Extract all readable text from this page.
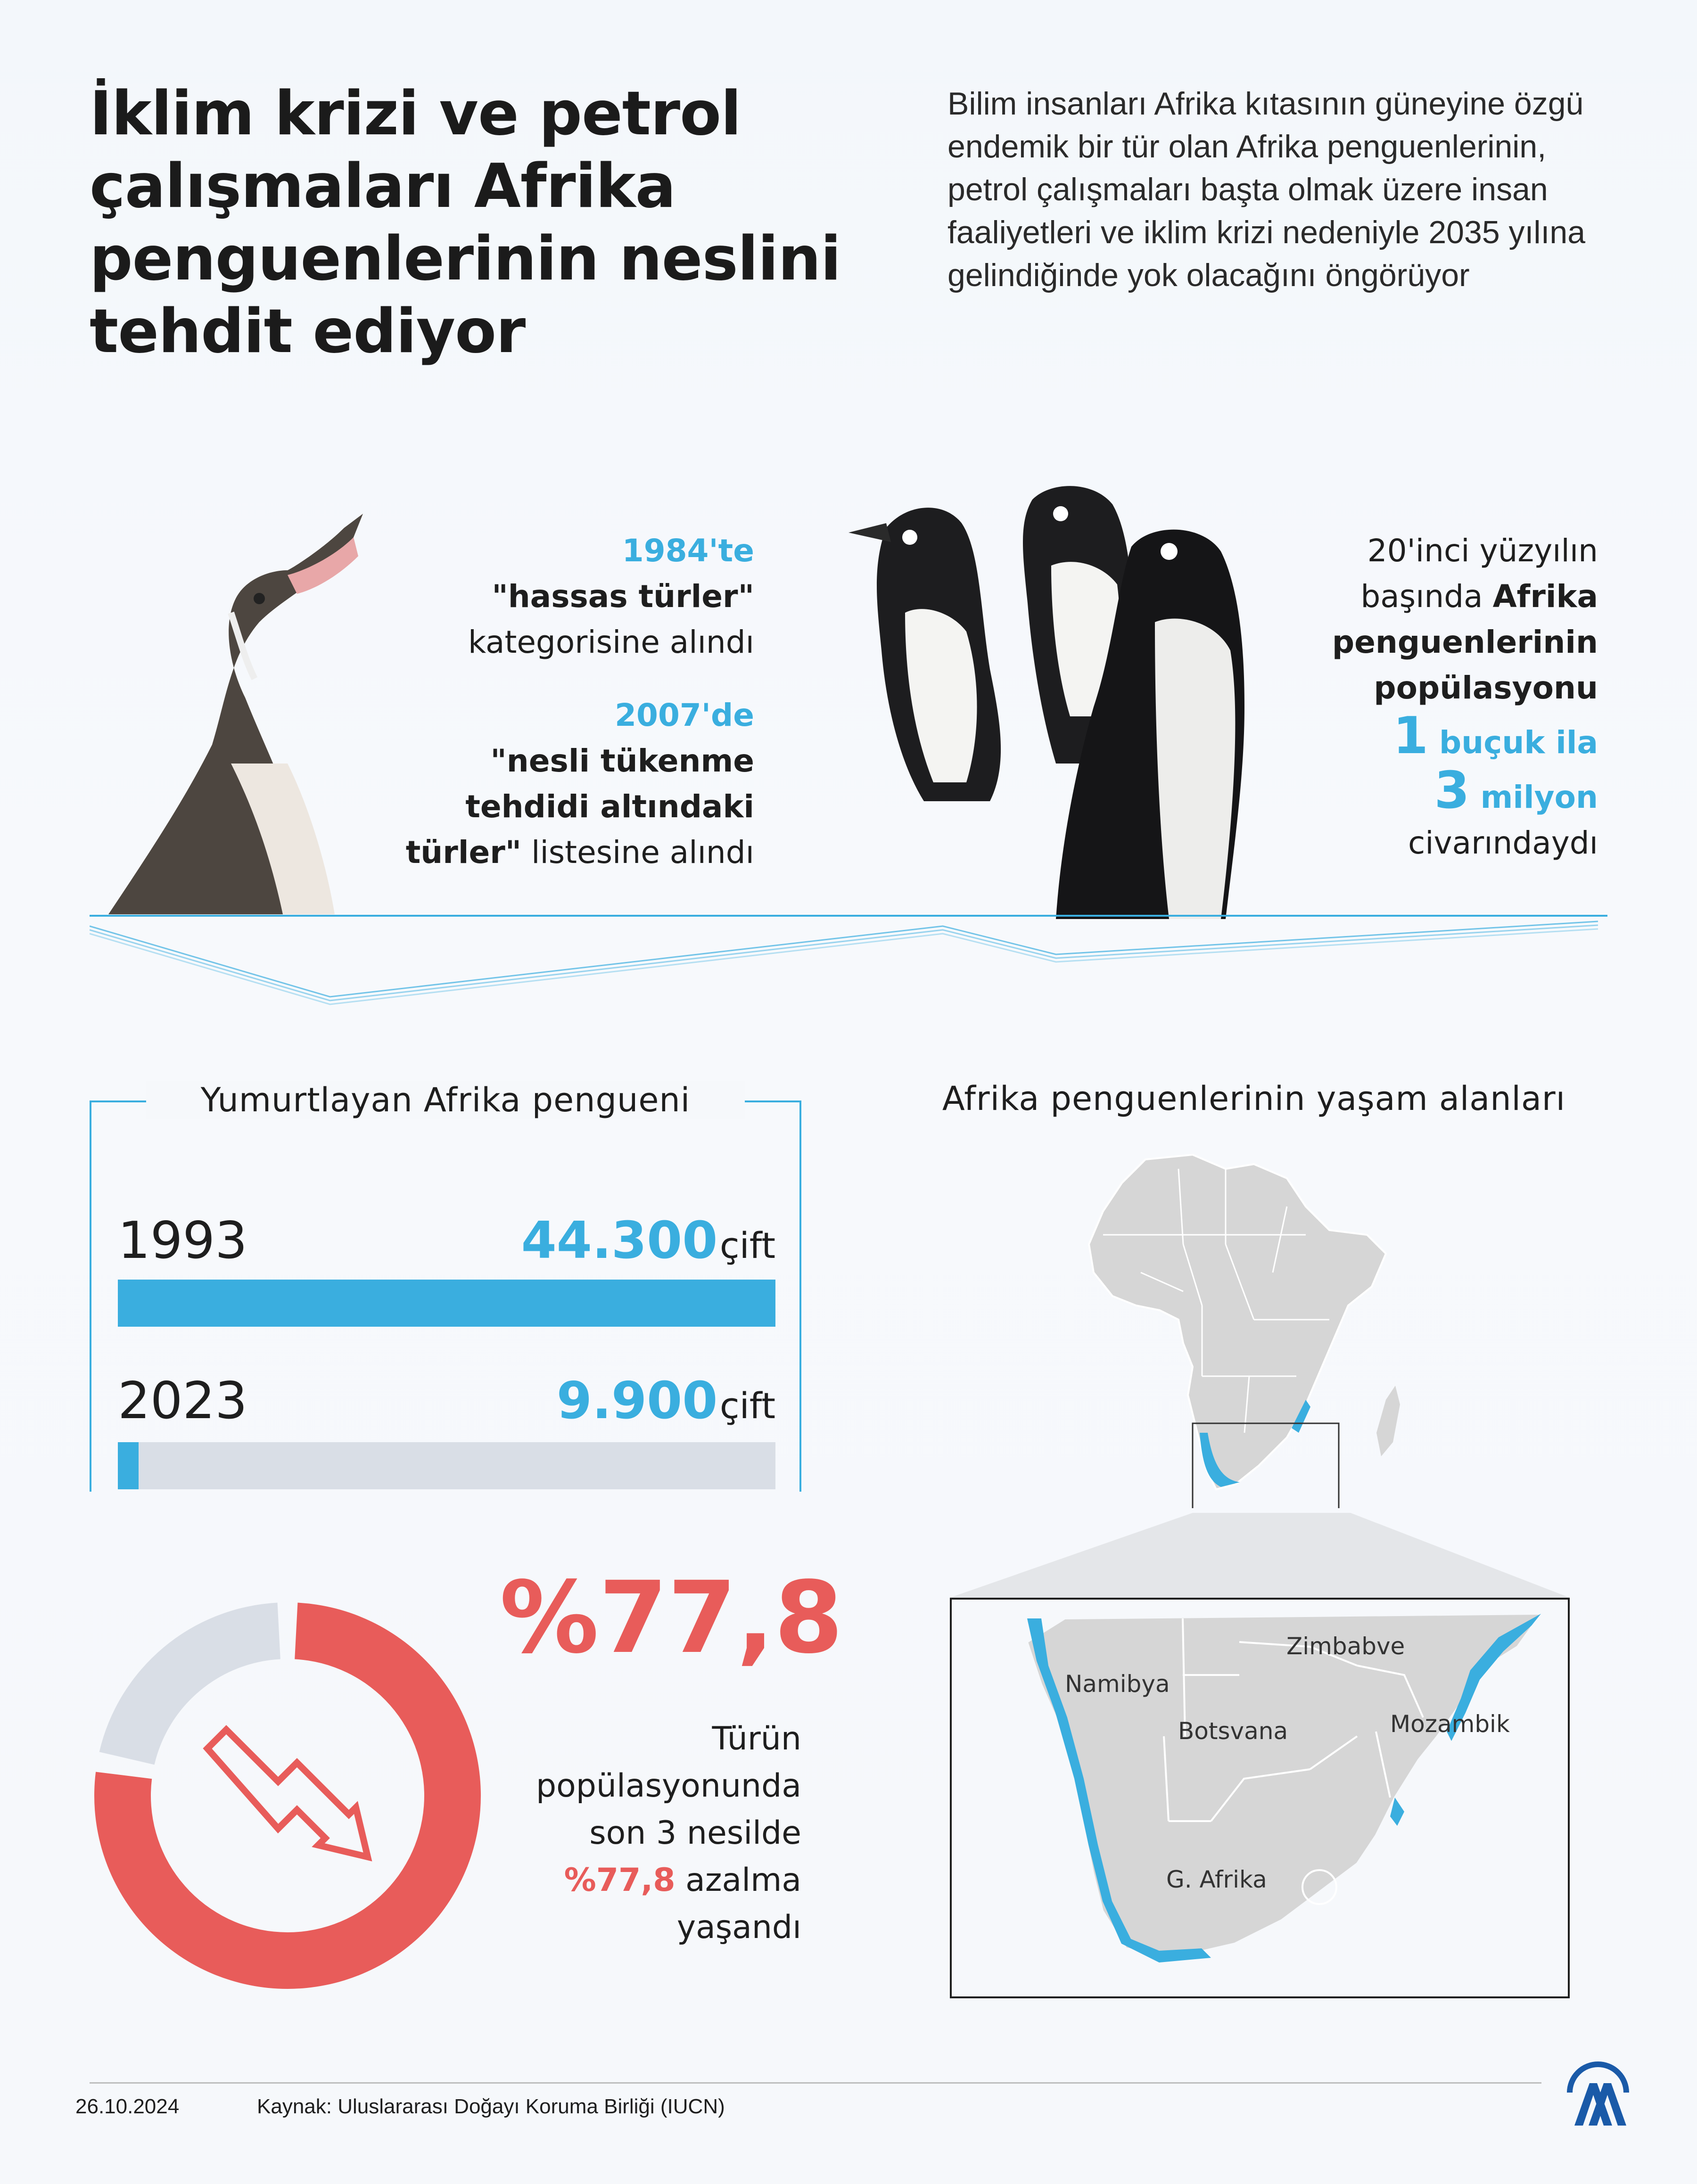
İklim krizi ve petrol çalışmaları Afrika penguenlerinin neslini tehdit ediyor
Bilim insanları Afrika kıtasının güneyine özgü endemik bir tür olan Afrika penguenlerinin, petrol çalışmaları başta olmak üzere insan faaliyetleri ve iklim krizi nedeniyle 2035 yılına gelindiğinde yok olacağını öngörüyor
1984'te
"hassas türler"
kategorisine alındı
2007'de
"nesli tükenme
tehdidi altındaki
türler" listesine alındı
20'inci yüzyılın
başında Afrika
penguenlerinin
popülasyonu
1 buçuk ila
3 milyon
civarındaydı
Yumurtlayan Afrika pengueni
1993	44.300 çift
2023	9.900 çift
%77,8
Türün
popülasyonunda
son 3 nesilde
%77,8 azalma
yaşandı
Afrika penguenlerinin yaşam alanları
Namibya
Zimbabve
Botsvana	Mozambik
G. Afrika
26.10.2024	Kaynak: Uluslararası Doğayı Koruma Birliği (IUCN)
